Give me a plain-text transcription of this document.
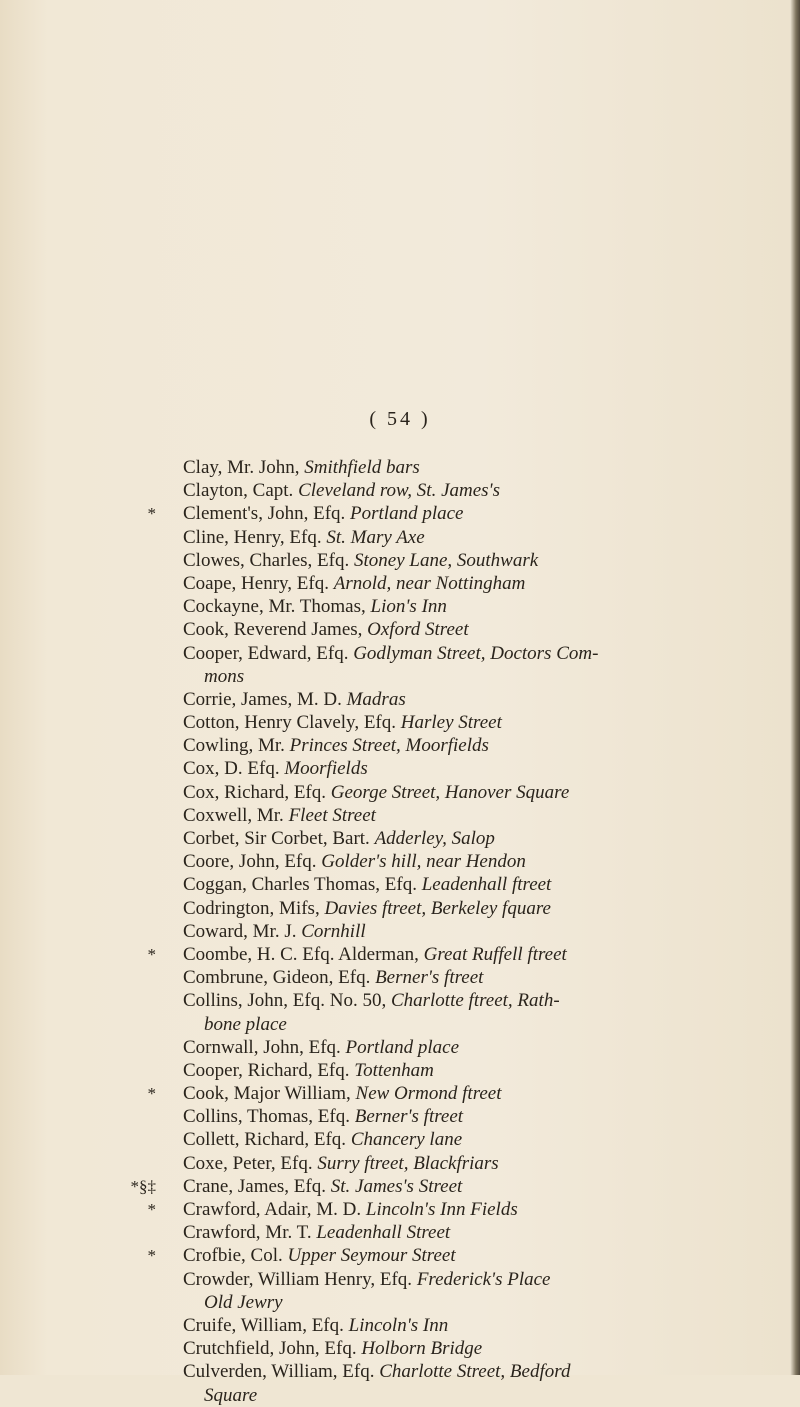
( 54 )
Clay, Mr. John, Smithfield bars
Clayton, Capt. Cleveland row, St. James's
* Clement's, John, Efq. Portland place
Cline, Henry, Efq. St. Mary Axe
Clowes, Charles, Efq. Stoney Lane, Southwark
Coape, Henry, Efq. Arnold, near Nottingham
Cockayne, Mr. Thomas, Lion's Inn
Cook, Reverend James, Oxford Street
Cooper, Edward, Efq. Godlyman Street, Doctors Com-
mons
Corrie, James, M. D. Madras
Cotton, Henry Clavely, Efq. Harley Street
Cowling, Mr. Princes Street, Moorfields
Cox, D. Efq. Moorfields
Cox, Richard, Efq. George Street, Hanover Square
Coxwell, Mr. Fleet Street
Corbet, Sir Corbet, Bart. Adderley, Salop
Coore, John, Efq. Golder's hill, near Hendon
Coggan, Charles Thomas, Efq. Leadenhall ftreet
Codrington, Mifs, Davies ftreet, Berkeley fquare
Coward, Mr. J. Cornhill
* Coombe, H. C. Efq. Alderman, Great Ruffell ftreet
Combrune, Gideon, Efq. Berner's ftreet
Collins, John, Efq. No. 50, Charlotte ftreet, Rath-
bone place
Cornwall, John, Efq. Portland place
Cooper, Richard, Efq. Tottenham
* Cook, Major William, New Ormond ftreet
Collins, Thomas, Efq. Berner's ftreet
Collett, Richard, Efq. Chancery lane
Coxe, Peter, Efq. Surry ftreet, Blackfriars
*§‡ Crane, James, Efq. St. James's Street
* Crawford, Adair, M. D. Lincoln's Inn Fields
Crawford, Mr. T. Leadenhall Street
* Crofbie, Col. Upper Seymour Street
Crowder, William Henry, Efq. Frederick's Place
Old Jewry
Cruife, William, Efq. Lincoln's Inn
Crutchfield, John, Efq. Holborn Bridge
Culverden, William, Efq. Charlotte Street, Bedford
Square
